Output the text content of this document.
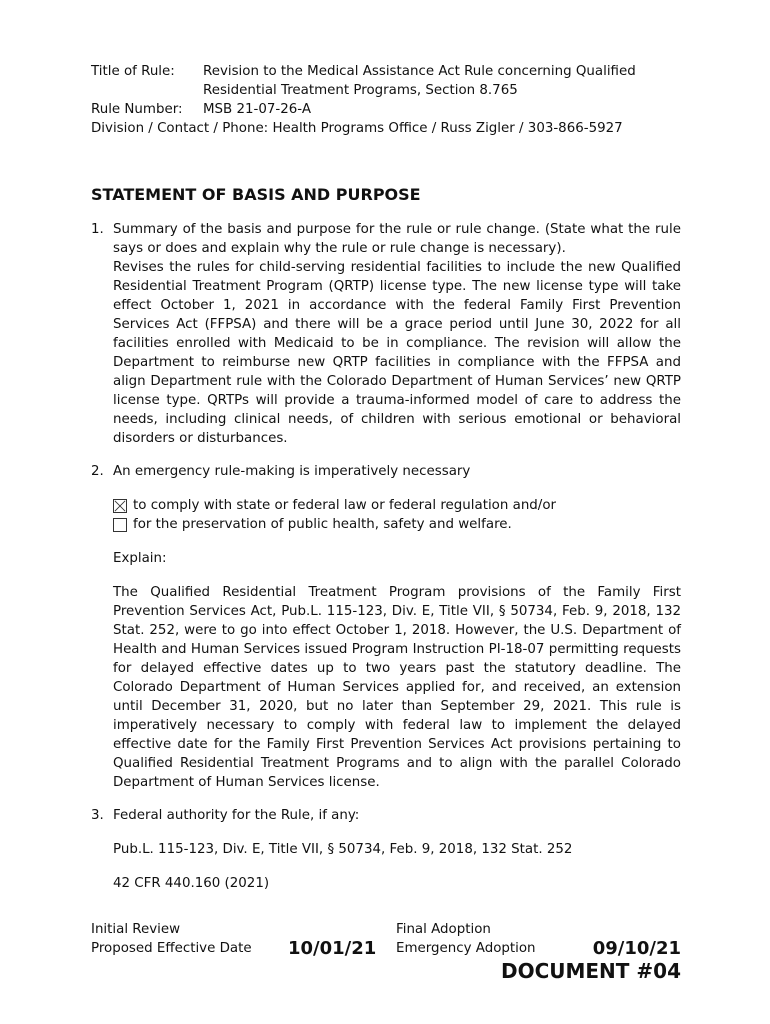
Title of Rule:	Revision to the Medical Assistance Act Rule concerning Qualified
Residential Treatment Programs, Section 8.765
Rule Number:	MSB 21-07-26-A
Division / Contact / Phone: Health Programs Office / Russ Zigler / 303-866-5927
STATEMENT OF BASIS AND PURPOSE
1. Summary of the basis and purpose for the rule or rule change. (State what the rule says or does and explain why the rule or rule change is necessary).
Revises the rules for child-serving residential facilities to include the new Qualified Residential Treatment Program (QRTP) license type. The new license type will take effect October 1, 2021 in accordance with the federal Family First Prevention Services Act (FFPSA) and there will be a grace period until June 30, 2022 for all facilities enrolled with Medicaid to be in compliance. The revision will allow the Department to reimburse new QRTP facilities in compliance with the FFPSA and align Department rule with the Colorado Department of Human Services’ new QRTP license type. QRTPs will provide a trauma-informed model of care to address the needs, including clinical needs, of children with serious emotional or behavioral disorders or disturbances.
2. An emergency rule-making is imperatively necessary
to comply with state or federal law or federal regulation and/or
for the preservation of public health, safety and welfare.
Explain:
The Qualified Residential Treatment Program provisions of the Family First Prevention Services Act, Pub.L. 115-123, Div. E, Title VII, § 50734, Feb. 9, 2018, 132 Stat. 252, were to go into effect October 1, 2018. However, the U.S. Department of Health and Human Services issued Program Instruction PI-18-07 permitting requests for delayed effective dates up to two years past the statutory deadline. The Colorado Department of Human Services applied for, and received, an extension until December 31, 2020, but no later than September 29, 2021. This rule is imperatively necessary to comply with federal law to implement the delayed effective date for the Family First Prevention Services Act provisions pertaining to Qualified Residential Treatment Programs and to align with the parallel Colorado Department of Human Services license.
3. Federal authority for the Rule, if any:
Pub.L. 115-123, Div. E, Title VII, § 50734, Feb. 9, 2018, 132 Stat. 252
42 CFR 440.160 (2021)
Initial Review
Proposed Effective Date 10/01/21
Final Adoption
Emergency Adoption	09/10/21
DOCUMENT #04
